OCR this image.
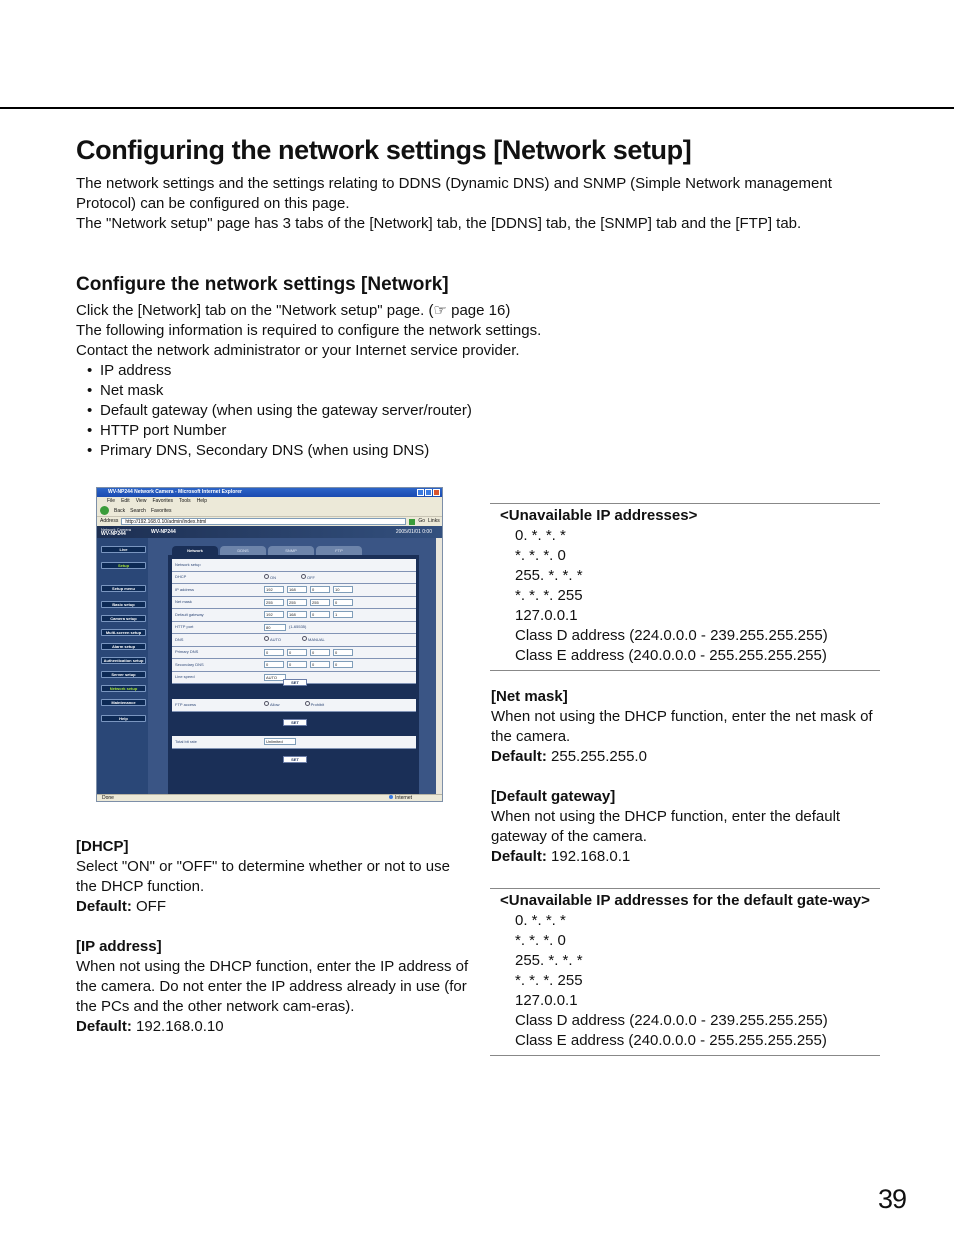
Configuring the network settings [Network setup]

The network settings and the settings relating to DDNS (Dynamic DNS) and SNMP (Simple Network management Protocol) can be configured on this page.

The "Network setup" page has 3 tabs of the [Network] tab, the [DDNS] tab, the [SNMP] tab and the [FTP] tab.

Configure the network settings [Network]

Click the [Network] tab on the "Network setup" page. (☞ page 16)

The following information is required to configure the network settings.

Contact the network administrator or your Internet service provider.

• IP address
• Net mask
• Default gateway (when using the gateway server/router)
• HTTP port Number
• Primary DNS, Secondary DNS (when using DNS)
WV-NP244 Network Camera - Microsoft Internet Explorer
File Edit View Favorites Tools Help
Back Search Favorites
Address	http://192.168.0.10/admin/index.html	Go Links
Network Camera
WV-NP244	WV-NP244	2005/01/01 0:00
Live
Setup
Setup menu
Basic setup
Camera setup
Multi-screen setup
Alarm setup
Authentication setup
Server setup
Network setup
Maintenance
Help
Network	DDNS	SNMP	FTP
Network setup
DHCP	ON	OFF
IP address	192	168	0	10
Net mask	255	255	255	0
Default gateway	192	168	0	1
HTTP port	80	(1-65535)
DNS	AUTO	MANUAL
Primary DNS	0	0	0	0
Secondary DNS	0	0	0	0
Line speed	AUTO
SET
FTP access	Allow	Prohibit
SET
Total bit rate	Unlimited
SET
Done	Internet

[DHCP]

Select "ON" or "OFF" to determine whether or not to use the DHCP function.

Default: OFF

[IP address]

When not using the DHCP function, enter the IP address of the camera. Do not enter the IP address already in use (for the PCs and the other network cam-eras).

Default: 192.168.0.10

<Unavailable IP addresses>

0. *. *. *

*. *. *. 0

255. *. *. *

*. *. *. 255

127.0.0.1

Class D address (224.0.0.0 - 239.255.255.255)

Class E address (240.0.0.0 - 255.255.255.255)

[Net mask]

When not using the DHCP function, enter the net mask of the camera.

Default: 255.255.255.0

[Default gateway]

When not using the DHCP function, enter the default gateway of the camera.

Default: 192.168.0.1

<Unavailable IP addresses for the default gate-way>

0. *. *. *

*. *. *. 0

255. *. *. *

*. *. *. 255

127.0.0.1

Class D address (224.0.0.0 - 239.255.255.255)

Class E address (240.0.0.0 - 255.255.255.255)

39
